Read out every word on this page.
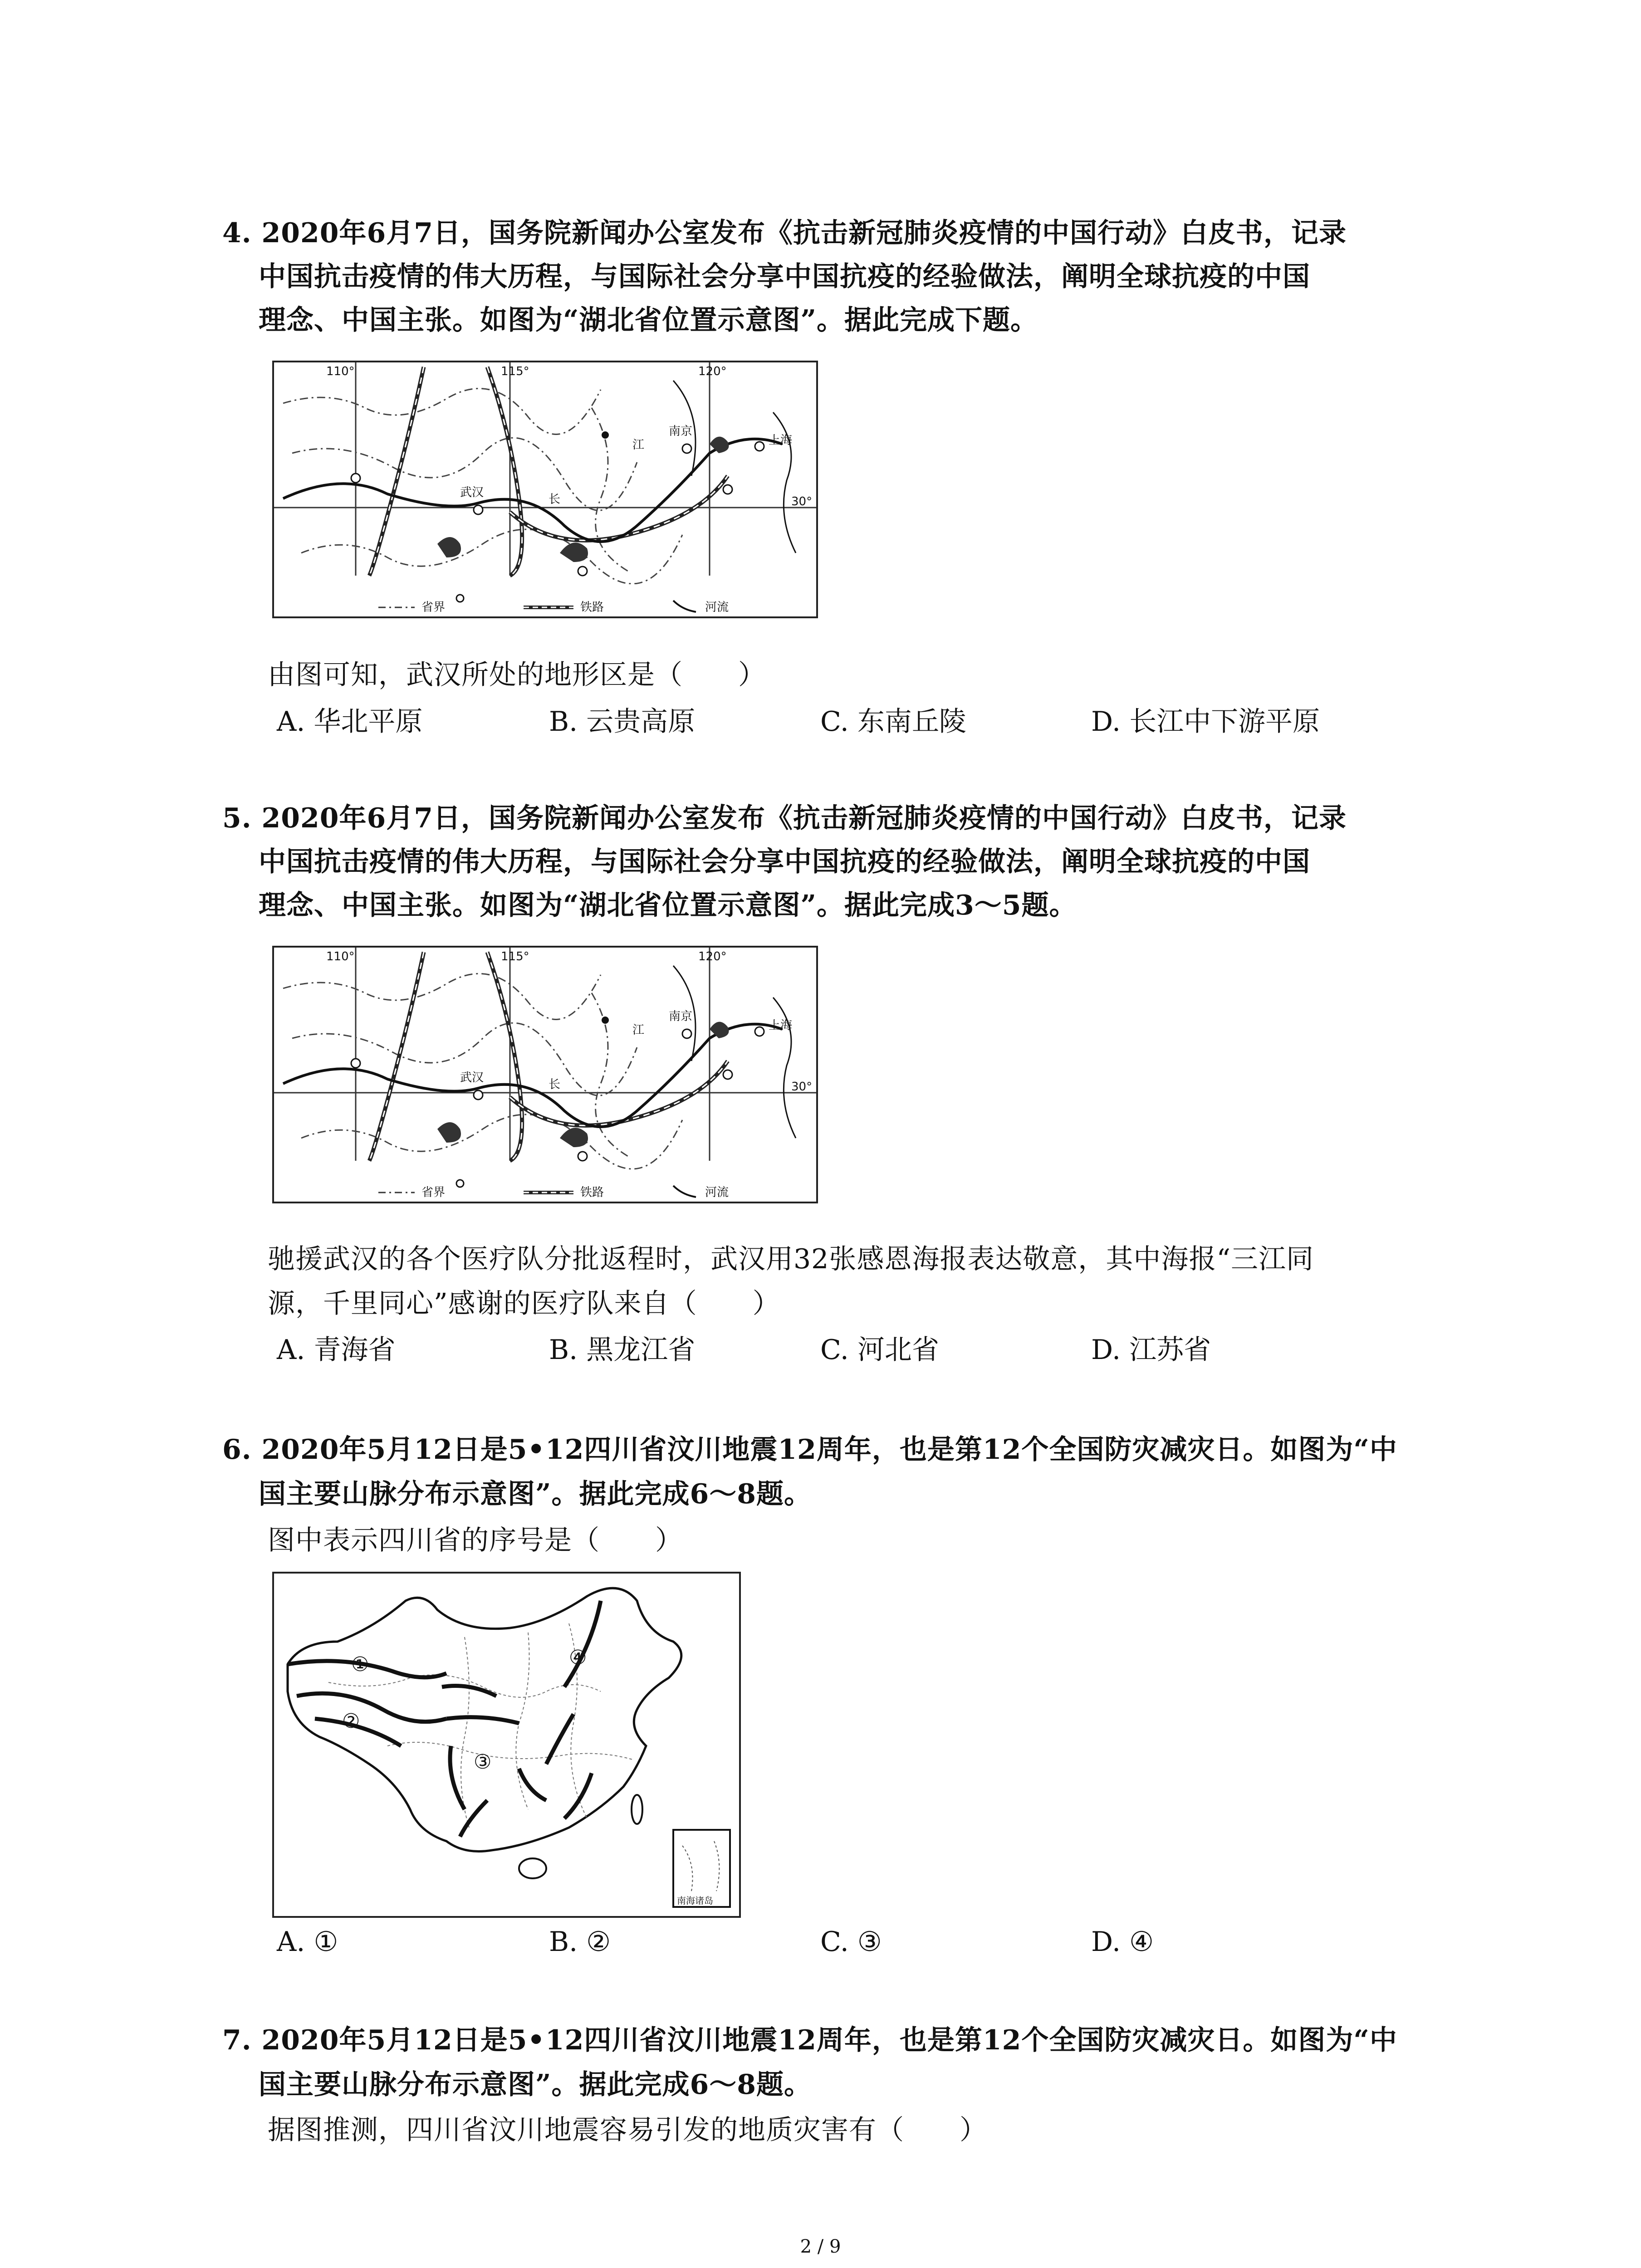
4. 2020年6月7日，国务院新闻办公室发布《抗击新冠肺炎疫情的中国行动》白皮书，记录
中国抗击疫情的伟大历程，与国际社会分享中国抗疫的经验做法，阐明全球抗疫的中国
理念、中国主张。如图为“湖北省位置示意图”。据此完成下题。
110°	115°	120°
30°
武汉
南京
上海
江
长
省界	铁路	河流
由图可知，武汉所处的地形区是（　　）
A. 华北平原	B. 云贵高原	C. 东南丘陵	D. 长江中下游平原
5. 2020年6月7日，国务院新闻办公室发布《抗击新冠肺炎疫情的中国行动》白皮书，记录
中国抗击疫情的伟大历程，与国际社会分享中国抗疫的经验做法，阐明全球抗疫的中国
理念、中国主张。如图为“湖北省位置示意图”。据此完成3～5题。
110°	115°	120°
30°
武汉
南京
上海
江
长
省界	铁路	河流
驰援武汉的各个医疗队分批返程时，武汉用32张感恩海报表达敬意，其中海报“三江同
源，千里同心”感谢的医疗队来自（　　）
A. 青海省	B. 黑龙江省	C. 河北省	D. 江苏省
6. 2020年5月12日是5•12四川省汶川地震12周年，也是第12个全国防灾减灾日。如图为“中
国主要山脉分布示意图”。据此完成6～8题。
图中表示四川省的序号是（　　）
①
②
③
④
南海诸岛
A. ①	B. ②	C. ③	D. ④
7. 2020年5月12日是5•12四川省汶川地震12周年，也是第12个全国防灾减灾日。如图为“中
国主要山脉分布示意图”。据此完成6～8题。
据图推测，四川省汶川地震容易引发的地质灾害有（　　）
2 / 9
